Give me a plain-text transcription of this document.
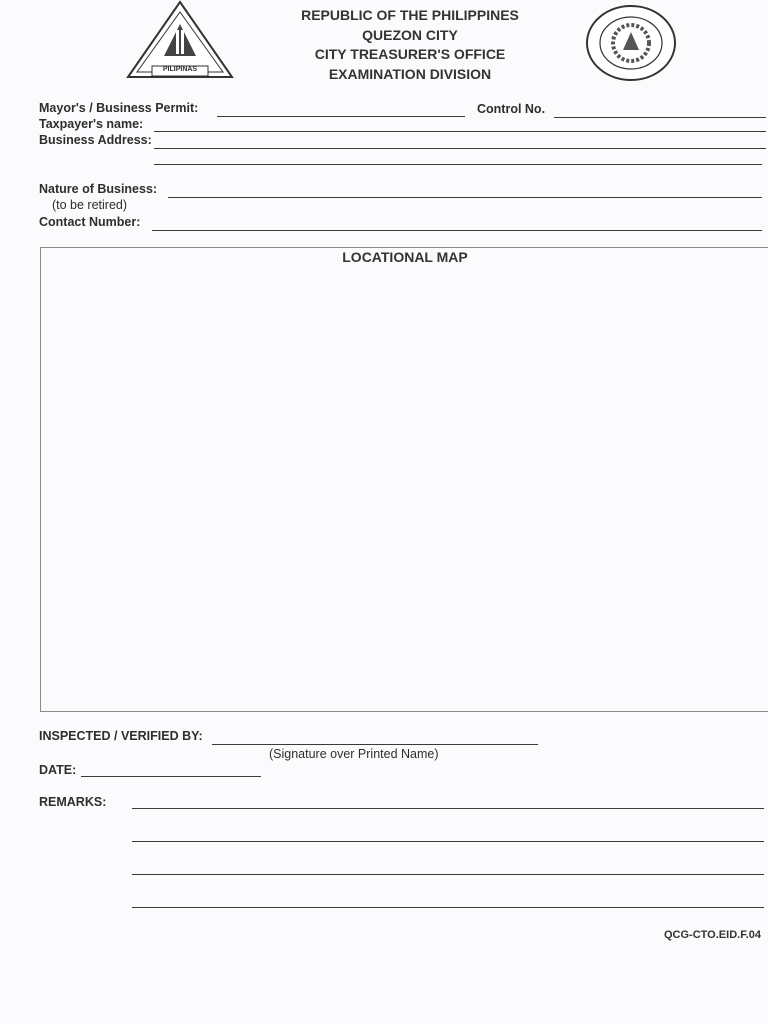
PILIPINAS
REPUBLIC OF THE PHILIPPINES
QUEZON CITY
CITY TREASURER'S OFFICE
EXAMINATION DIVISION
Mayor's / Business Permit:	Control No.
Taxpayer's name:
Business Address:
Nature of Business:
(to be retired)
Contact Number:
LOCATIONAL MAP
INSPECTED / VERIFIED BY:
(Signature over Printed Name)
DATE:
REMARKS:
QCG-CTO.EID.F.04
